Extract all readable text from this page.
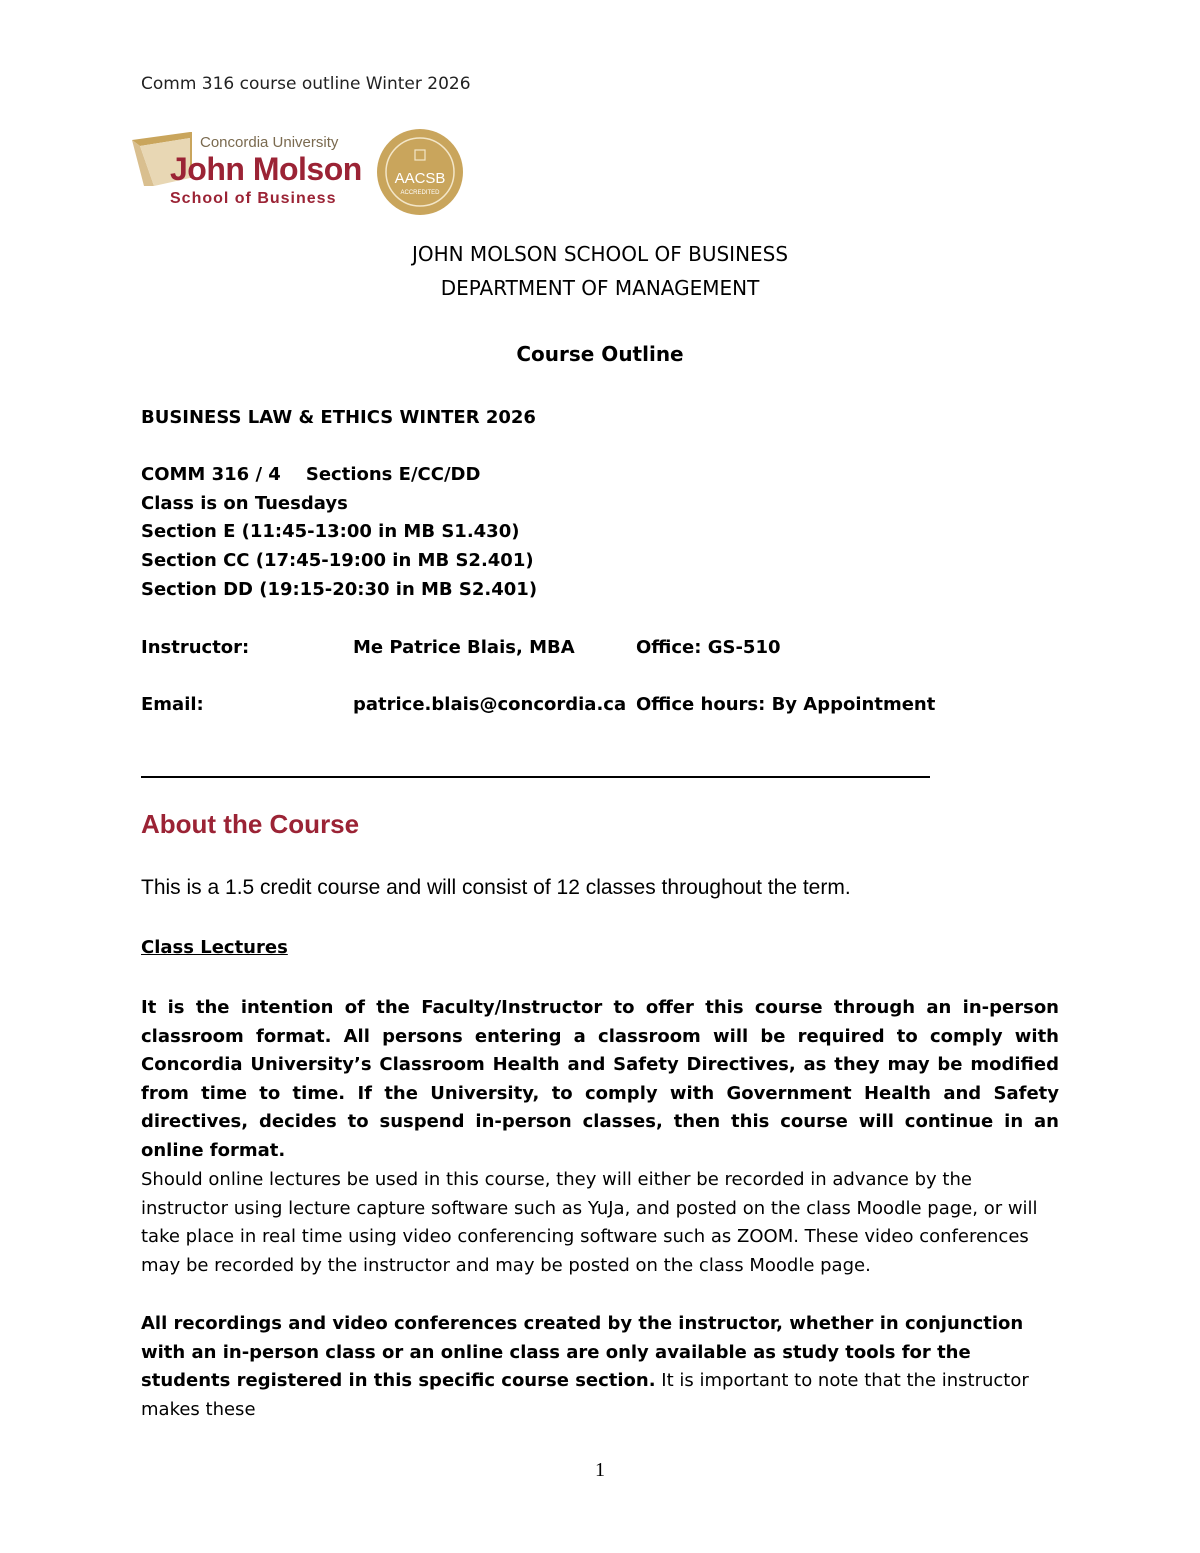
Comm 316 course outline Winter 2026
Concordia University
John Molson
School of Business
AACSB
ACCREDITED
JOHN MOLSON SCHOOL OF BUSINESS
DEPARTMENT OF MANAGEMENT
Course Outline
BUSINESS LAW & ETHICS WINTER 2026
COMM 316 / 4    Sections E/CC/DD
Class is on Tuesdays
Section E (11:45-13:00 in MB S1.430)
Section CC (17:45-19:00 in MB S2.401)
Section DD (19:15-20:30 in MB S2.401)
Instructor:	Me Patrice Blais, MBA	Office: GS-510
Email:	patrice.blais@concordia.ca Office hours: By Appointment
About the Course
This is a 1.5 credit course and will consist of 12 classes throughout the term.
Class Lectures
It is the intention of the Faculty/Instructor to offer this course through an in-person classroom format. All persons entering a classroom will be required to comply with Concordia University’s Classroom Health and Safety Directives, as they may be modified from time to time. If the University, to comply with Government Health and Safety directives, decides to suspend in-person classes, then this course will continue in an online format.
Should online lectures be used in this course, they will either be recorded in advance by the instructor using lecture capture software such as YuJa, and posted on the class Moodle page, or will take place in real time using video conferencing software such as ZOOM. These video conferences may be recorded by the instructor and may be posted on the class Moodle page.
All recordings and video conferences created by the instructor, whether in conjunction with an in-person class or an online class are only available as study tools for the students registered in this specific course section. It is important to note that the instructor makes these
1
